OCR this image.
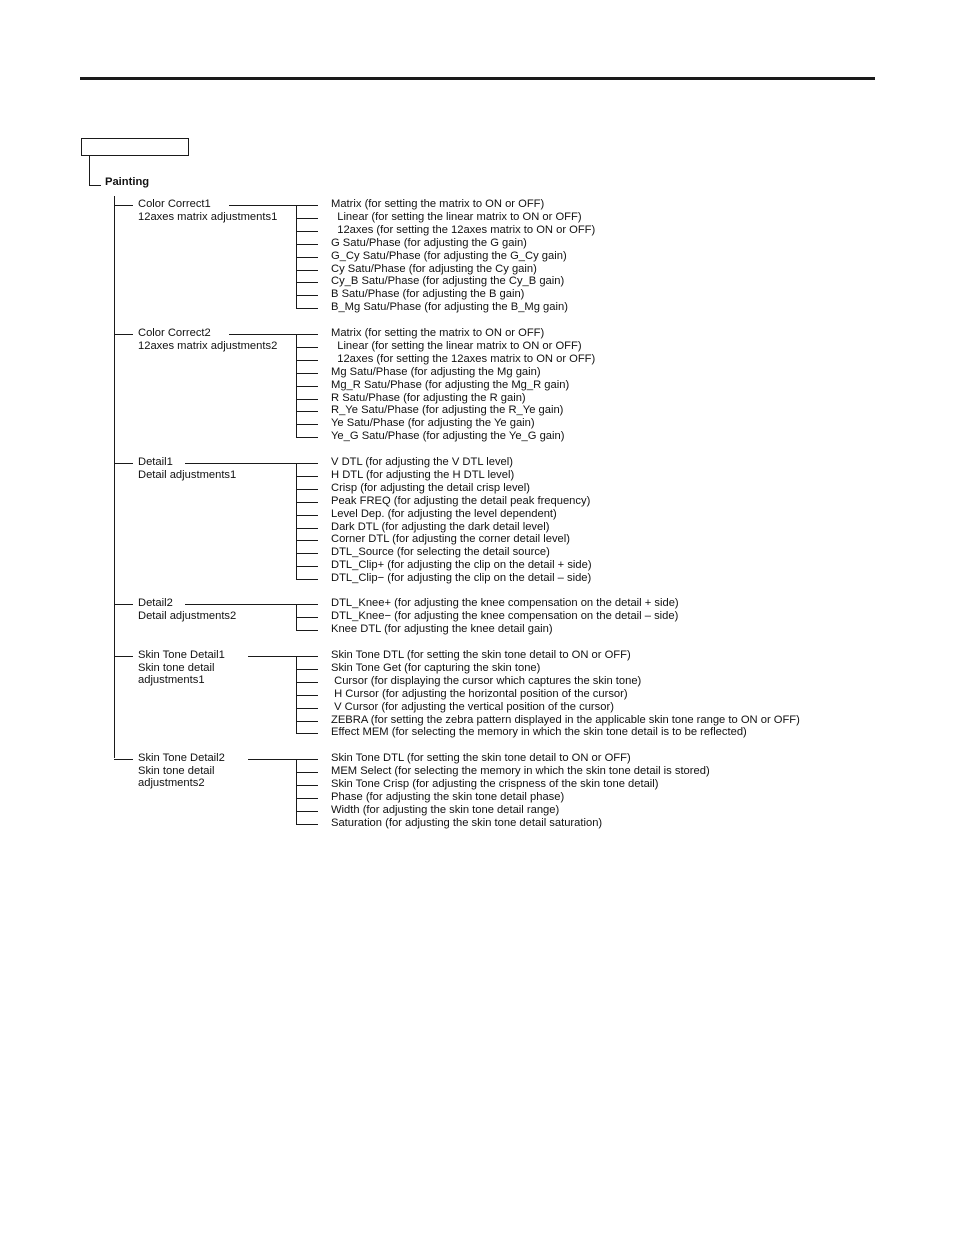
Painting
Color Correct1
12axes matrix adjustments1
Matrix (for setting the matrix to ON or OFF)
Linear (for setting the linear matrix to ON or OFF)
12axes (for setting the 12axes matrix to ON or OFF)
G Satu/Phase (for adjusting the G gain)
G_Cy Satu/Phase (for adjusting the G_Cy gain)
Cy Satu/Phase (for adjusting the Cy gain)
Cy_B Satu/Phase (for adjusting the Cy_B gain)
B Satu/Phase (for adjusting the B gain)
B_Mg Satu/Phase (for adjusting the B_Mg gain)
Color Correct2
12axes matrix adjustments2
Matrix (for setting the matrix to ON or OFF)
Linear (for setting the linear matrix to ON or OFF)
12axes (for setting the 12axes matrix to ON or OFF)
Mg Satu/Phase (for adjusting the Mg gain)
Mg_R Satu/Phase (for adjusting the Mg_R gain)
R Satu/Phase (for adjusting the R gain)
R_Ye Satu/Phase (for adjusting the R_Ye gain)
Ye Satu/Phase (for adjusting the Ye gain)
Ye_G Satu/Phase (for adjusting the Ye_G gain)
Detail1
Detail adjustments1
V DTL (for adjusting the V DTL level)
H DTL (for adjusting the H DTL level)
Crisp (for adjusting the detail crisp level)
Peak FREQ (for adjusting the detail peak frequency)
Level Dep. (for adjusting the level dependent)
Dark DTL (for adjusting the dark detail level)
Corner DTL (for adjusting the corner detail level)
DTL_Source (for selecting the detail source)
DTL_Clip+ (for adjusting the clip on the detail + side)
DTL_Clip− (for adjusting the clip on the detail – side)
Detail2
Detail adjustments2
DTL_Knee+ (for adjusting the knee compensation on the detail + side)
DTL_Knee− (for adjusting the knee compensation on the detail – side)
Knee DTL (for adjusting the knee detail gain)
Skin Tone Detail1
Skin tone detail
adjustments1
Skin Tone DTL (for setting the skin tone detail to ON or OFF)
Skin Tone Get (for capturing the skin tone)
Cursor (for displaying the cursor which captures the skin tone)
H Cursor (for adjusting the horizontal position of the cursor)
V Cursor (for adjusting the vertical position of the cursor)
ZEBRA (for setting the zebra pattern displayed in the applicable skin tone range to ON or OFF)
Effect MEM (for selecting the memory in which the skin tone detail is to be reflected)
Skin Tone Detail2
Skin tone detail
adjustments2
Skin Tone DTL (for setting the skin tone detail to ON or OFF)
MEM Select (for selecting the memory in which the skin tone detail is stored)
Skin Tone Crisp (for adjusting the crispness of the skin tone detail)
Phase (for adjusting the skin tone detail phase)
Width (for adjusting the skin tone detail range)
Saturation (for adjusting the skin tone detail saturation)
